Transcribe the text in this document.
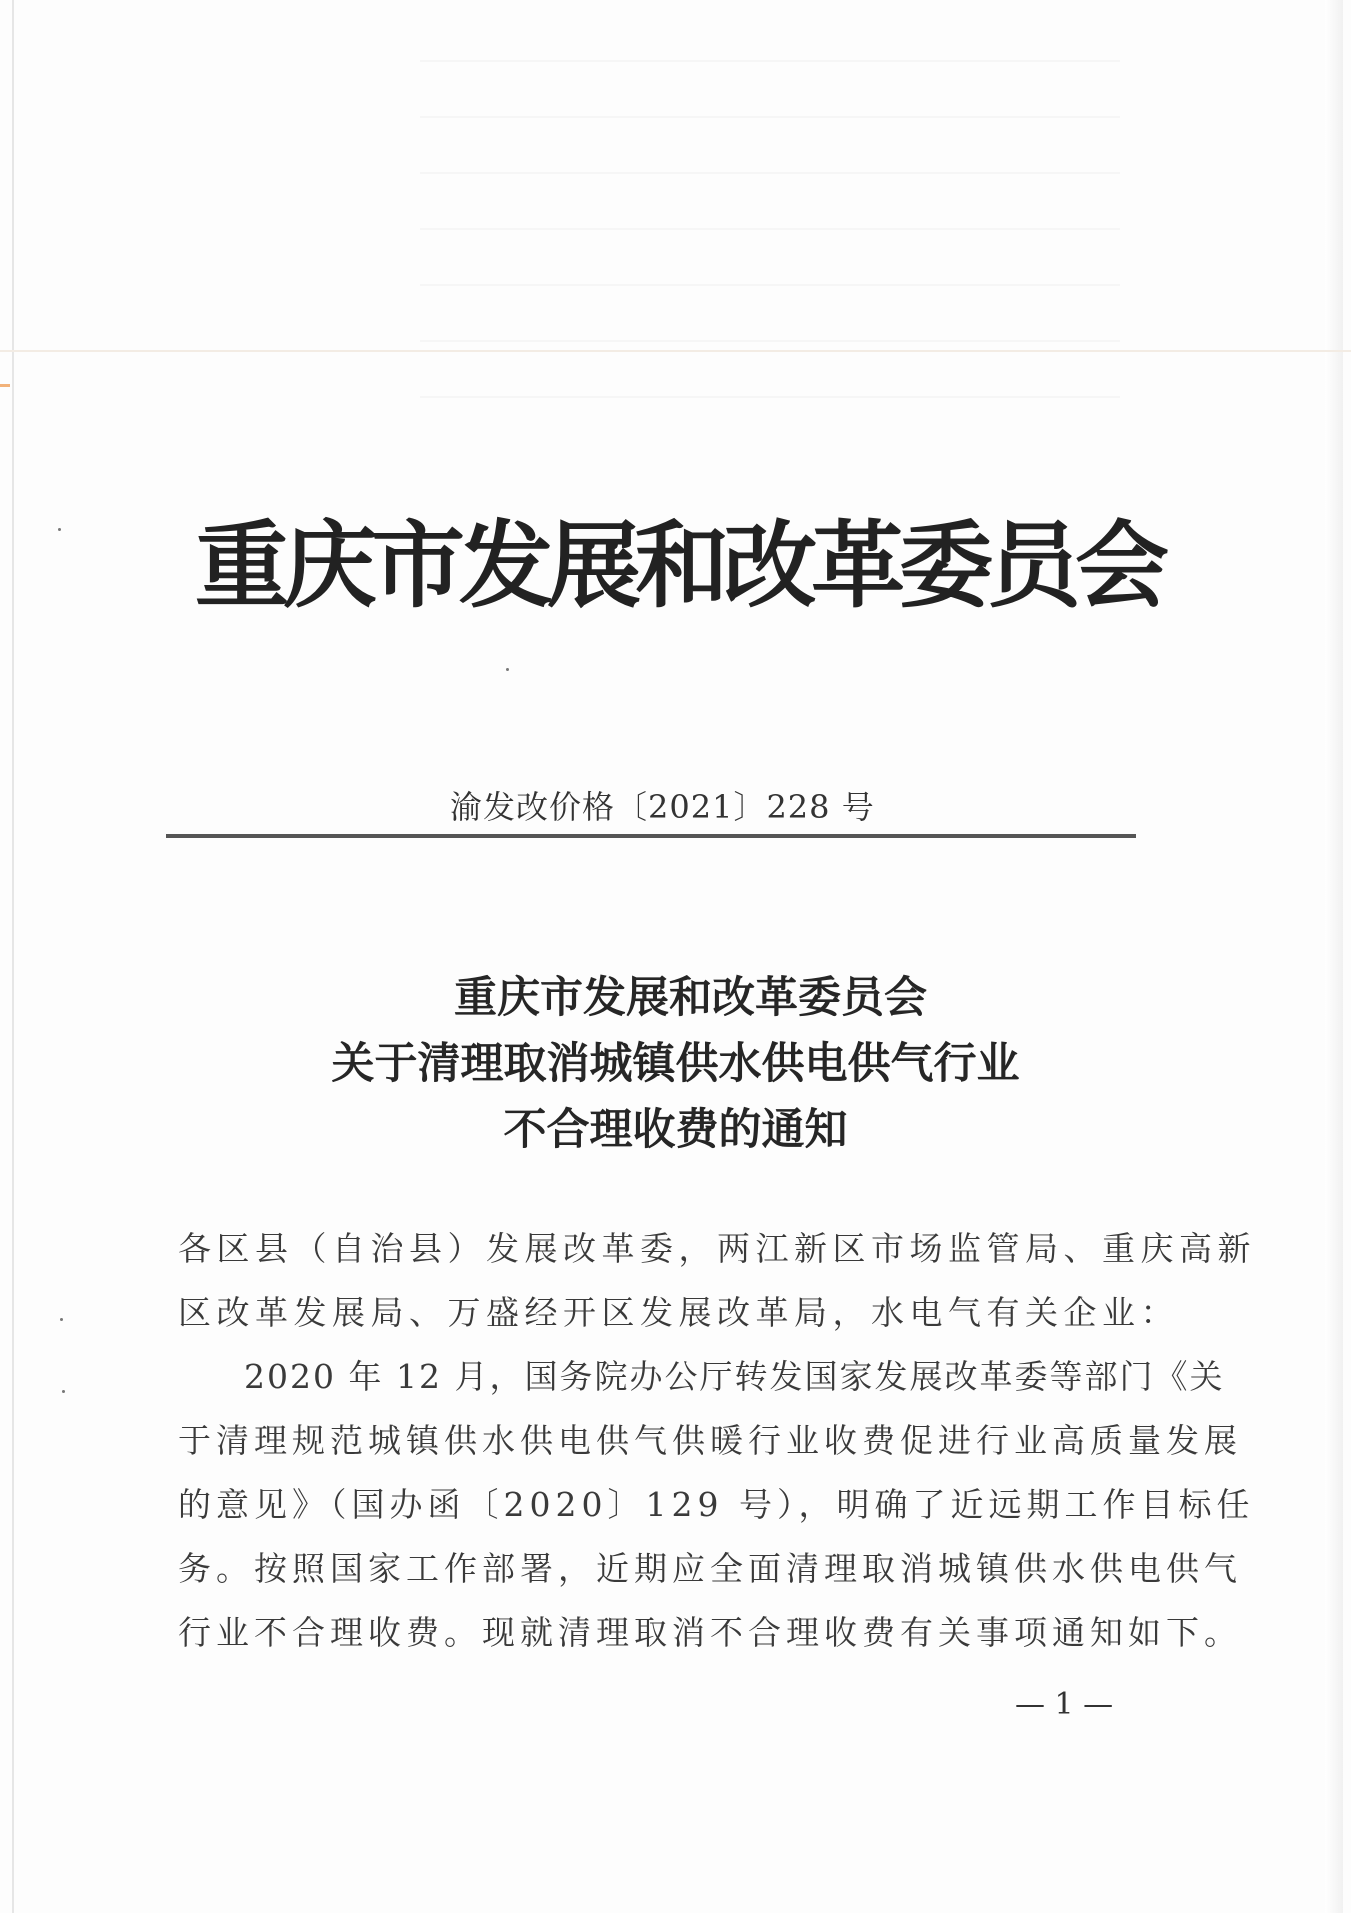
重庆市发展和改革委员会
渝发改价格〔2021〕228 号
重庆市发展和改革委员会
关于清理取消城镇供水供电供气行业
不合理收费的通知

各区县（自治县）发展改革委，两江新区市场监管局、重庆高新

区改革发展局、万盛经开区发展改革局，水电气有关企业：

2020 年 12 月，国务院办公厅转发国家发展改革委等部门《关

于清理规范城镇供水供电供气供暖行业收费促进行业高质量发展

的意见》（国办函〔2020〕129 号），明确了近远期工作目标任

务。按照国家工作部署，近期应全面清理取消城镇供水供电供气

行业不合理收费。现就清理取消不合理收费有关事项通知如下。

— 1 —
